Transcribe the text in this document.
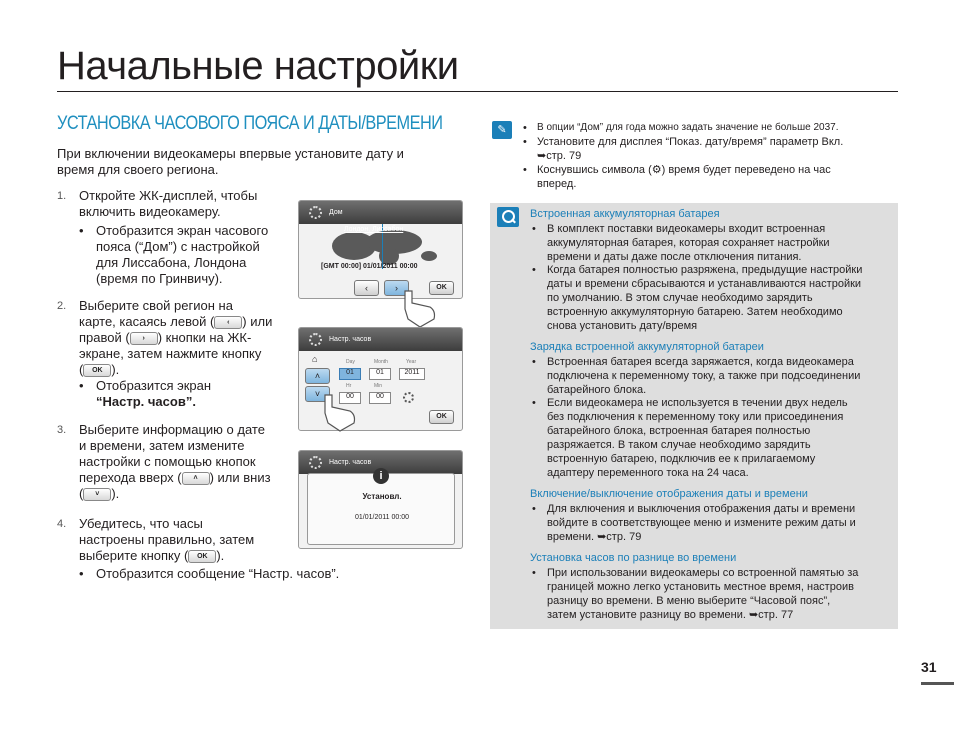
Начальные настройки
УСТАНОВКА ЧАСОВОГО ПОЯСА И ДАТЫ/ВРЕМЕНИ
При включении видеокамеры впервые установите дату и
время для своего региона.
1. Откройте ЖК-дисплей, чтобы
включить видеокамеру.
• Отобразится экран часового
пояса (“Дом”) с настройкой
для Лиссабона, Лондона
(время по Гринвичу).
2. Выберите свой регион на
карте, касаясь левой ( ‹ ) или
правой ( › ) кнопки на ЖК-
экране, затем нажмите кнопку
( OK ).
• Отобразится экран
“Настр. часов”.
3. Выберите информацию о дате
и времени, затем измените
настройки с помощью кнопок
перехода вверх ( ˄ ) или вниз
( ˅ ).
4. Убедитесь, что часы
настроены правильно, затем
выберите кнопку ( OK ).
• Отобразится сообщение “Настр. часов”.
Дом
Лондон, Лиссабон
[GMT 00:00] 01/01/2011 00:00
‹	›	OK
Настр. часов
⌂	Day	Month	Year
01	01	2011
Hr	Min
00	00
˄
˅
OK
Настр. часов
i
Установл.
01/01/2011 00:00
✎	• В опции “Дом” для года можно задать значение не больше 2037.
• Установите для дисплея “Показ. дату/время” параметр Вкл.
➥стр. 79
• Коснувшись символа (⚙) время будет переведено на час
вперед.
Встроенная аккумуляторная батарея
• В комплект поставки видеокамеры входит встроенная
аккумуляторная батарея, которая сохраняет настройки
времени и даты даже после отключения питания.
• Когда батарея полностью разряжена, предыдущие настройки
даты и времени сбрасываются и устанавливаются настройки
по умолчанию. В этом случае необходимо зарядить
встроенную аккумуляторную батарею. Затем необходимо
снова установить дату/время
Зарядка встроенной аккумуляторной батареи
• Встроенная батарея всегда заряжается, когда видеокамера
подключена к переменному току, а также при подсоединении
батарейного блока.
• Если видеокамера не используется в течении двух недель
без подключения к переменному току или присоединения
батарейного блока, встроенная батарея полностью
разряжается. В таком случае необходимо зарядить
встроенную батарею, подключив ее к прилагаемому
адаптеру переменного тока на 24 часа.
Включение/выключение отображения даты и времени
• Для включения и выключения отображения даты и времени
войдите в соответствующее меню и измените режим даты и
времени. ➥стр. 79
Установка часов по разнице во времени
• При использовании видеокамеры со встроенной памятью за
границей можно легко установить местное время, настроив
разницу во времени. В меню выберите “Часовой пояс”,
затем установите разницу во времени. ➥стр. 77
31
